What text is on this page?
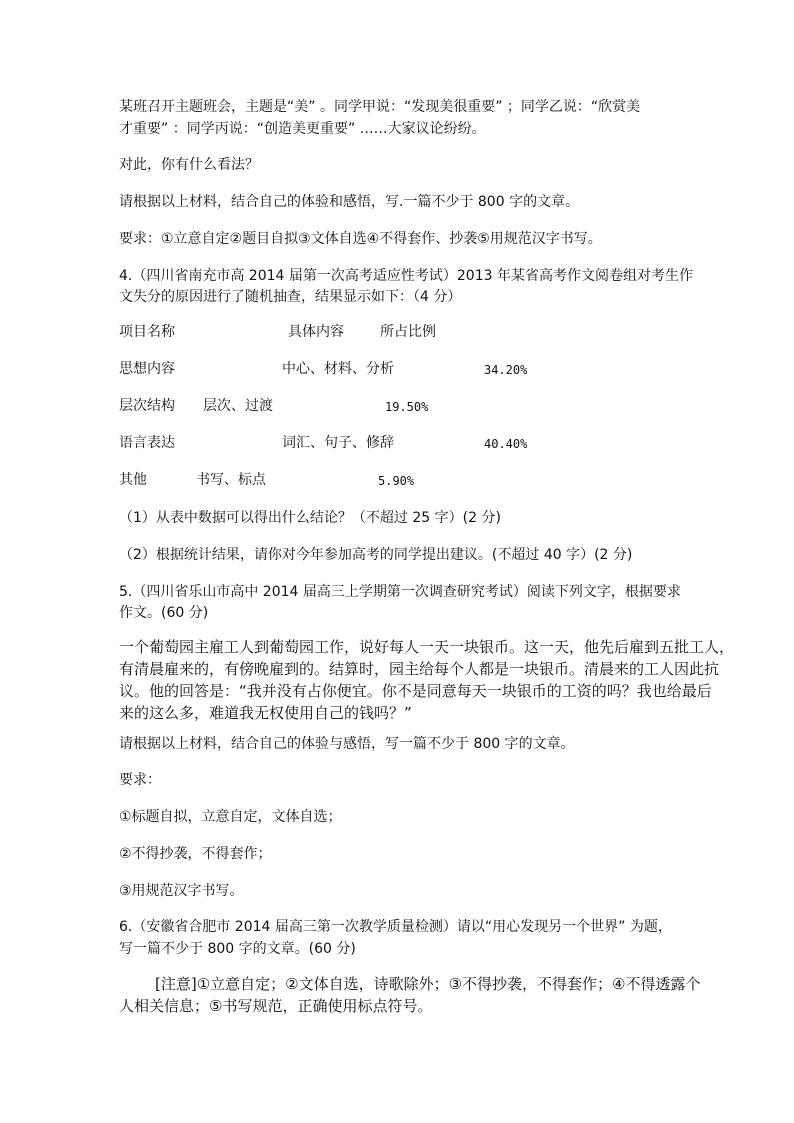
某班召开主题班会，主题是“美” 。同学甲说：“发现美很重要” ；同学乙说：“欣赏美
才重要” ：同学丙说：“创造美更重要” ……大家议论纷纷。
对此，你有什么看法？
请根据以上材料，结合自己的体验和感悟，写.一篇不少于 800 字的文章。
要求：①立意自定②题目自拟③文体自选④不得套作、抄袭⑤用规范汉字书写。
4.（四川省南充市高 2014 届第一次高考适应性考试）2013 年某省高考作文阅卷组对考生作
文失分的原因进行了随机抽查，结果显示如下：（4 分）
项目名称	具体内容	所占比例
思想内容	中心、材料、分析	34.20%
层次结构 层次、过渡	19.50%
语言表达	词汇、句子、修辞	40.40%
其他	书写、标点	5.90%
（1）从表中数据可以得出什么结论？（不超过 25 字）(2 分)
（2）根据统计结果，请你对今年参加高考的同学提出建议。(不超过 40 字）(2 分)
5.（四川省乐山市高中 2014 届高三上学期第一次调查研究考试）阅读下列文字，根据要求
作文。(60 分)
一个葡萄园主雇工人到葡萄园工作，说好每人一天一块银币。这一天，他先后雇到五批工人，
有清晨雇来的，有傍晚雇到的。结算时，园主给每个人都是一块银币。清晨来的工人因此抗
议。他的回答是：“我并没有占你便宜。你不是同意每天一块银币的工资的吗？我也给最后
来的这么多，难道我无权使用自己的钱吗？”
请根据以上材料，结合自己的体验与感悟，写一篇不少于 800 字的文章。
要求：
①标题自拟，立意自定，文体自选；
②不得抄袭，不得套作；
③用规范汉字书写。
6.（安徽省合肥市 2014 届高三第一次教学质量检测）请以“用心发现另一个世界” 为题，
写一篇不少于 800 字的文章。(60 分)
[注意]①立意自定；②文体自选，诗歌除外；③不得抄袭，不得套作；④不得透露个
人相关信息；⑤书写规范，正确使用标点符号。
